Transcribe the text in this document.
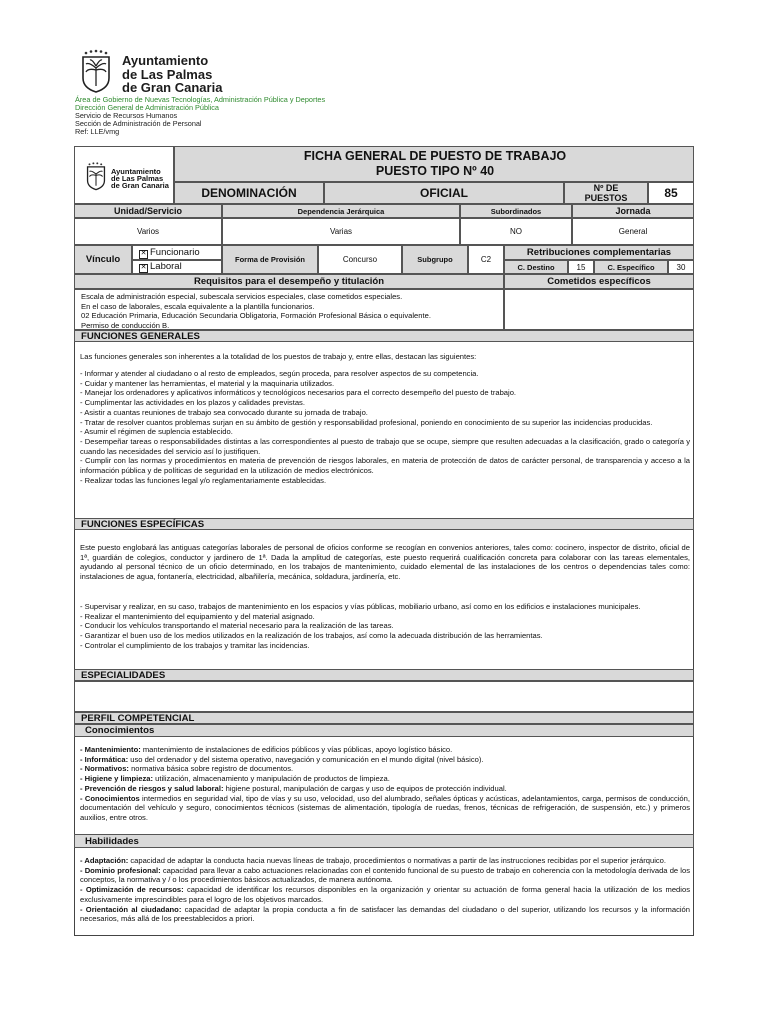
Ayuntamiento
de Las Palmas
de Gran Canaria
Área de Gobierno de Nuevas Tecnologías, Administración Pública y Deportes
Dirección General de Administración Pública
Servicio de Recursos Humanos
Sección de Administración de Personal
Ref: LLE/vmg
Ayuntamiento
de Las Palmas
de Gran Canaria
FICHA GENERAL DE PUESTO DE TRABAJO
PUESTO TIPO Nº 40
DENOMINACIÓN	OFICIAL	Nº DE PUESTOS	85
Unidad/Servicio	Dependencia Jerárquica	Subordinados	Jornada
Varios	Varias	NO	General
Vínculo
✕ Funcionario
✕ Laboral
Forma de Provisión	Concurso	Subgrupo	C2
Retribuciones complementarias
C. Destino	15	C. Específico	30
Requisitos para el desempeño y titulación	Cometidos específicos
Escala de administración especial, subescala servicios especiales, clase cometidos especiales.
En el caso de laborales, escala equivalente a la plantilla funcionarios.
02 Educación Primaria, Educación Secundaria Obligatoria, Formación Profesional Básica o equivalente.
Permiso de conducción B.
FUNCIONES GENERALES
Las funciones generales son inherentes a la totalidad de los puestos de trabajo y, entre ellas, destacan las siguientes:
- Informar y atender al ciudadano o al resto de empleados, según proceda, para resolver aspectos de su competencia.
- Cuidar y mantener las herramientas, el material y la maquinaria utilizados.
- Manejar los ordenadores y aplicativos informáticos y tecnológicos necesarios para el correcto desempeño del puesto de trabajo.
- Cumplimentar las actividades en los plazos y calidades previstas.
- Asistir a cuantas reuniones de trabajo sea convocado durante su jornada de trabajo.
- Tratar de resolver cuantos problemas surjan en su ámbito de gestión y responsabilidad profesional, poniendo en conocimiento de su superior las incidencias producidas.
- Asumir el régimen de suplencia establecido.
- Desempeñar tareas o responsabilidades distintas a las correspondientes al puesto de trabajo que se ocupe, siempre que resulten adecuadas a la clasificación, grado o categoría y cuando las necesidades del servicio así lo justifiquen.
- Cumplir con las normas y procedimientos en materia de prevención de riesgos laborales, en materia de protección de datos de carácter personal, de transparencia y acceso a la información pública y de políticas de seguridad en la utilización de medios electrónicos.
- Realizar todas las funciones legal y/o reglamentariamente establecidas.
FUNCIONES ESPECÍFICAS
Este puesto englobará las antiguas categorías laborales de personal de oficios conforme se recogían en convenios anteriores, tales como: cocinero, inspector de distrito, oficial de 1ª, guardián de colegios, conductor y jardinero de 1ª. Dada la amplitud de categorías, este puesto requerirá cualificación concreta para colaborar con las tareas elementales, ayudando al personal técnico de un oficio determinado, en los trabajos de mantenimiento, cuidado elemental de las instalaciones de los centros o dependencias tales como: instalaciones de agua, fontanería, electricidad, albañilería, mecánica, soldadura, jardinería, etc.
- Supervisar y realizar, en su caso, trabajos de mantenimiento en los espacios y vías públicas, mobiliario urbano, así como en los edificios e instalaciones municipales.
- Realizar el mantenimiento del equipamiento y del material asignado.
- Conducir los vehículos transportando el material necesario para la realización de las tareas.
- Garantizar el buen uso de los medios utilizados en la realización de los trabajos, así como la adecuada distribución de las herramientas.
- Controlar el cumplimiento de los trabajos y tramitar las incidencias.
ESPECIALIDADES
PERFIL COMPETENCIAL
Conocimientos
- Mantenimiento: mantenimiento de instalaciones de edificios públicos y vías públicas, apoyo logístico básico.
- Informática: uso del ordenador y del sistema operativo, navegación y comunicación en el mundo digital (nivel básico).
- Normativos: normativa básica sobre registro de documentos.
- Higiene y limpieza: utilización, almacenamiento y manipulación de productos de limpieza.
- Prevención de riesgos y salud laboral: higiene postural, manipulación de cargas y uso de equipos de protección individual.
- Conocimientos intermedios en seguridad vial, tipo de vías y su uso, velocidad, uso del alumbrado, señales ópticas y acústicas, adelantamientos, carga, permisos de conducción, documentación del vehículo y seguro, conocimientos técnicos (sistemas de alimentación, tipología de ruedas, frenos, técnicas de refrigeración, de suspensión, etc.) y primeros auxilios, entre otros.
Habilidades
- Adaptación: capacidad de adaptar la conducta hacia nuevas líneas de trabajo, procedimientos o normativas a partir de las instrucciones recibidas por el superior jerárquico.
- Dominio profesional: capacidad para llevar a cabo actuaciones relacionadas con el contenido funcional de su puesto de trabajo en coherencia con la metodología derivada de los conceptos, la normativa y / o los procedimientos básicos actualizados, de manera autónoma.
- Optimización de recursos: capacidad de identificar los recursos disponibles en la organización y orientar su actuación de forma general hacia la utilización de los medios exclusivamente imprescindibles para el logro de los objetivos marcados.
- Orientación al ciudadano: capacidad de adaptar la propia conducta a fin de satisfacer las demandas del ciudadano o del superior, utilizando los recursos y la información necesarios, más allá de los preestablecidos a priori.
